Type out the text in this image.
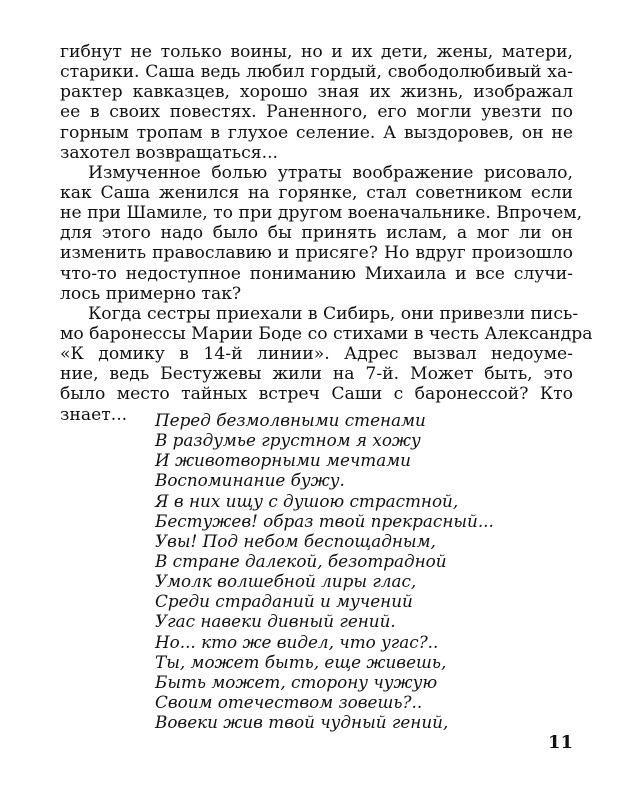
гибнут не только воины, но и их дети, жены, матери,
старики. Саша ведь любил гордый, свободолюбивый ха-
рактер кавказцев, хорошо зная их жизнь, изображал
ее в своих повестях. Раненного, его могли увезти по
горным тропам в глухое селение. А выздоровев, он не
захотел возвращаться...
Измученное болью утраты воображение рисовало,
как Саша женился на горянке, стал советником если
не при Шамиле, то при другом военачальнике. Впрочем,
для этого надо было бы принять ислам, а мог ли он
изменить православию и присяге? Но вдруг произошло
что-то недоступное пониманию Михаила и все случи-
лось примерно так?
Когда сестры приехали в Сибирь, они привезли пись-
мо баронессы Марии Боде со стихами в честь Александра
«К домику в 14-й линии». Адрес вызвал недоуме-
ние, ведь Бестужевы жили на 7-й. Может быть, это
было место тайных встреч Саши с баронессой? Кто
знает...	Перед безмолвными стенами
В раздумье грустном я хожу
И животворными мечтами
Воспоминание бужу.
Я в них ищу с душою страстной,
Бестужев! образ твой прекрасный...
Увы! Под небом беспощадным,
В стране далекой, безотрадной
Умолк волшебной лиры глас,
Среди страданий и мучений
Угас навеки дивный гений.
Но... кто же видел, что угас?..
Ты, может быть, еще живешь,
Быть может, сторону чужую
Своим отечеством зовешь?..
Вовеки жив твой чудный гений,
11
